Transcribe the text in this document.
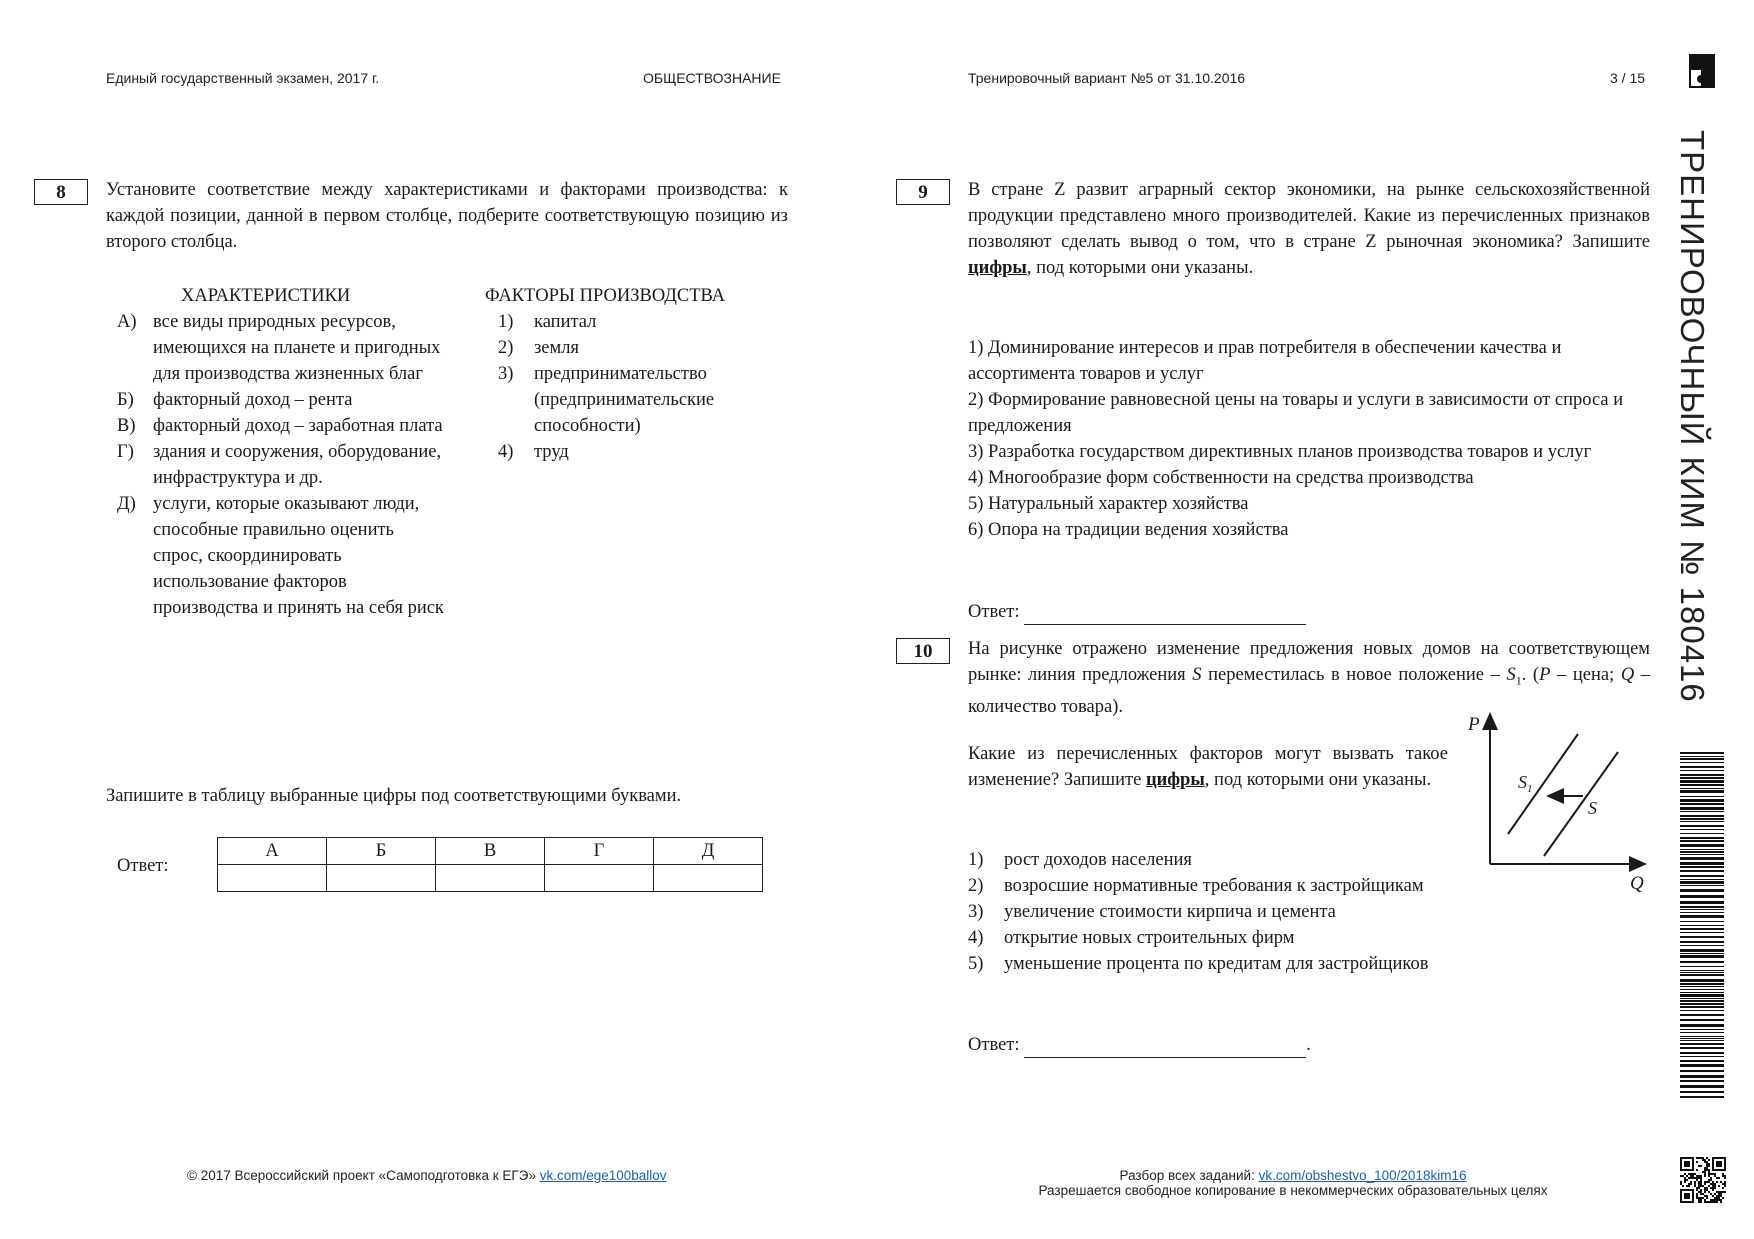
Единый государственный экзамен, 2017 г.	ОБЩЕСТВОЗНАНИЕ	Тренировочный вариант №5 от 31.10.2016	3 / 15
ТРЕНИРОВОЧНЫЙ КИМ № 180416
8	Установите соответствие между характеристиками и факторами производства: к каждой позиции, данной в первом столбце, подберите соответствующую позицию из второго столбца.
ХАРАКТЕРИСТИКИ	ФАКТОРЫ ПРОИЗВОДСТВА
А) все виды природных ресурсов, имеющихся на планете и пригодных для производства жизненных благ
Б)	факторный доход – рента
В) факторный доход – заработная плата
Г)	здания и сооружения, оборудование, инфраструктура и др.
Д) услуги, которые оказывают люди, способные правильно оценить спрос, скоординировать использование факторов производства и принять на себя риск
1)	капитал
2)	земля
3)	предпринимательство (предпринимательские способности)
4)	труд
Запишите в таблицу выбранные цифры под соответствующими буквами.
Ответ:
А	Б	В	Г	Д

9	В стране Z развит аграрный сектор экономики, на рынке сельскохозяйственной продукции представлено много производителей. Какие из перечисленных признаков позволяют сделать вывод о том, что в стране Z рыночная экономика? Запишите цифры, под которыми они указаны.
1) Доминирование интересов и прав потребителя в обеспечении качества и ассортимента товаров и услуг
2) Формирование равновесной цены на товары и услуги в зависимости от спроса и предложения
3) Разработка государством директивных планов производства товаров и услуг
4) Многообразие форм собственности на средства производства
5) Натуральный характер хозяйства
6) Опора на традиции ведения хозяйства
Ответ:
10	На рисунке отражено изменение предложения новых домов на соответствующем рынке: линия предложения S переместилась в новое положение – $S_1$. (P – цена; Q – количество товара).
Какие из перечисленных факторов могут вызвать такое изменение? Запишите цифры, под которыми они указаны.
P
Q
$S_1$
S
1)	рост доходов населения
2)	возросшие нормативные требования к застройщикам
3)	увеличение стоимости кирпича и цемента
4)	открытие новых строительных фирм
5)	уменьшение процента по кредитам для застройщиков
Ответ:	.
© 2017 Всероссийский проект «Самоподготовка к ЕГЭ» vk.com/ege100ballov	Разбор всех заданий: vk.com/obshestvo_100/2018kim16
Разрешается свободное копирование в некоммерческих образовательных целях
